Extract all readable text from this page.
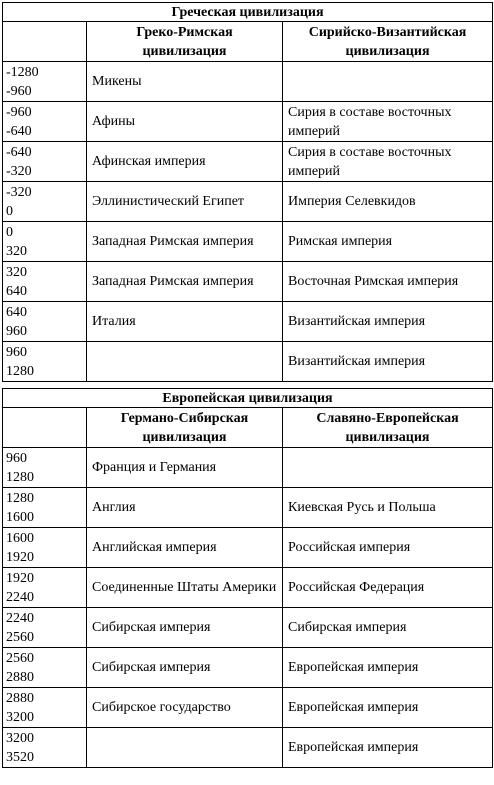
Греческая цивилизация		
	Греко-Римская
цивилизация	Сирийско-Византийская
цивилизация

-1280
-960	Микены	

-960
-640	Афины	Сирия в составе восточных империй

-640
-320	Афинская империя	Сирия в составе восточных империй

-320
0	Эллинистический Египет	Империя Селевкидов

0
320	Западная Римская империя	Римская империя

320
640	Западная Римская империя	Восточная Римская империя

640
960	Италия	Византийская империя

960
1280		Византийская империя
Европейская цивилизация		
	Германо-Сибирская
цивилизация	Славяно-Европейская
цивилизация

960
1280	Франция и Германия	

1280
1600	Англия	Киевская Русь и Польша

1600
1920	Английская империя	Российская империя

1920
2240	Соединенные Штаты Америки	Российская Федерация

2240
2560	Сибирская империя	Сибирская империя

2560
2880	Сибирская империя	Европейская империя

2880
3200	Сибирское государство	Европейская империя

3200
3520		Европейская империя
